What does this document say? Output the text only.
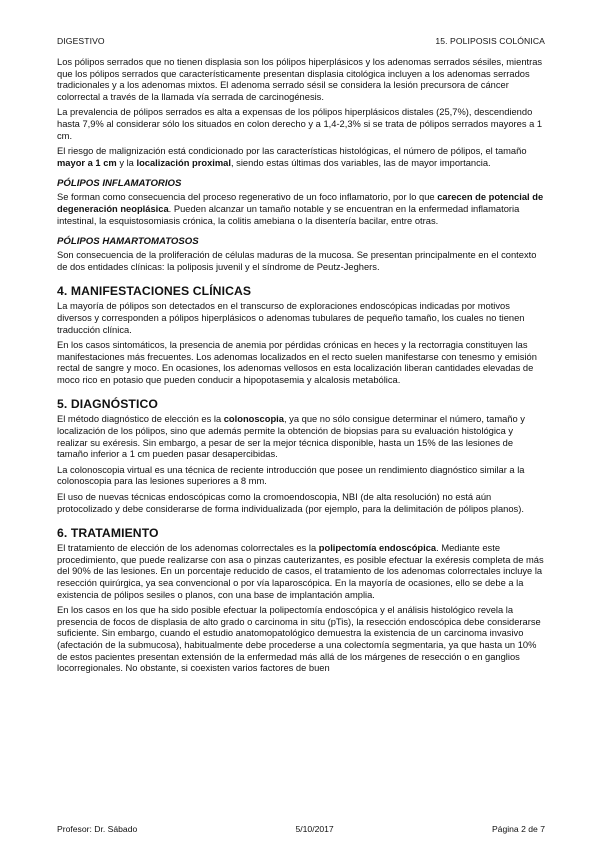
DIGESTIVO	15. POLIPOSIS COLÓNICA

Los pólipos serrados que no tienen displasia son los pólipos hiperplásicos y los adenomas serrados sésiles, mientras que los pólipos serrados que característicamente presentan displasia citológica incluyen a los adenomas serrados tradicionales y a los adenomas mixtos. El adenoma serrado sésil se considera la lesión precursora de cáncer colorrectal a través de la llamada vía serrada de carcinogénesis.

La prevalencia de pólipos serrados es alta a expensas de los pólipos hiperplásicos distales (25,7%), descendiendo hasta 7,9% al considerar sólo los situados en colon derecho y a 1,4-2,3% si se trata de pólipos serrados mayores a 1 cm.

El riesgo de malignización está condicionado por las características histológicas, el número de pólipos, el tamaño mayor a 1 cm y la localización proximal, siendo estas últimas dos variables, las de mayor importancia.

PÓLIPOS INFLAMATORIOS

Se forman como consecuencia del proceso regenerativo de un foco inflamatorio, por lo que carecen de potencial de degeneración neoplásica. Pueden alcanzar un tamaño notable y se encuentran en la enfermedad inflamatoria intestinal, la esquistosomiasis crónica, la colitis amebiana o la disentería bacilar, entre otras.

PÓLIPOS HAMARTOMATOSOS

Son consecuencia de la proliferación de células maduras de la mucosa. Se presentan principalmente en el contexto de dos entidades clínicas: la poliposis juvenil y el síndrome de Peutz-Jeghers.

4. MANIFESTACIONES CLÍNICAS

La mayoría de pólipos son detectados en el transcurso de exploraciones endoscópicas indicadas por motivos diversos y corresponden a pólipos hiperplásicos o adenomas tubulares de pequeño tamaño, los cuales no tienen traducción clínica.

En los casos sintomáticos, la presencia de anemia por pérdidas crónicas en heces y la rectorragia constituyen las manifestaciones más frecuentes. Los adenomas localizados en el recto suelen manifestarse con tenesmo y emisión rectal de sangre y moco. En ocasiones, los adenomas vellosos en esta localización liberan cantidades elevadas de moco rico en potasio que pueden conducir a hipopotasemia y alcalosis metabólica.

5. DIAGNÓSTICO

El método diagnóstico de elección es la colonoscopia, ya que no sólo consigue determinar el número, tamaño y localización de los pólipos, sino que además permite la obtención de biopsias para su evaluación histológica y realizar su exéresis. Sin embargo, a pesar de ser la mejor técnica disponible, hasta un 15% de las lesiones de tamaño inferior a 1 cm pueden pasar desapercibidas.

La colonoscopia virtual es una técnica de reciente introducción que posee un rendimiento diagnóstico similar a la colonoscopia para las lesiones superiores a 8 mm.

El uso de nuevas técnicas endoscópicas como la cromoendoscopia, NBI (de alta resolución) no está aún protocolizado y debe considerarse de forma individualizada (por ejemplo, para la delimitación de pólipos planos).

6. TRATAMIENTO

El tratamiento de elección de los adenomas colorrectales es la polipectomía endoscópica. Mediante este procedimiento, que puede realizarse con asa o pinzas cauterizantes, es posible efectuar la exéresis completa de más del 90% de las lesiones. En un porcentaje reducido de casos, el tratamiento de los adenomas colorrectales incluye la resección quirúrgica, ya sea convencional o por vía laparoscópica. En la mayoría de ocasiones, ello se debe a la existencia de pólipos sesiles o planos, con una base de implantación amplia.

En los casos en los que ha sido posible efectuar la polipectomía endoscópica y el análisis histológico revela la presencia de focos de displasia de alto grado o carcinoma in situ (pTis), la resección endoscópica debe considerarse suficiente. Sin embargo, cuando el estudio anatomopatológico demuestra la existencia de un carcinoma invasivo (afectación de la submucosa), habitualmente debe procederse a una colectomía segmentaria, ya que hasta un 10% de estos pacientes presentan extensión de la enfermedad más allá de los márgenes de resección o en ganglios locorregionales. No obstante, si coexisten varios factores de buen

Profesor: Dr. Sábado	5/10/2017	Página 2 de 7
